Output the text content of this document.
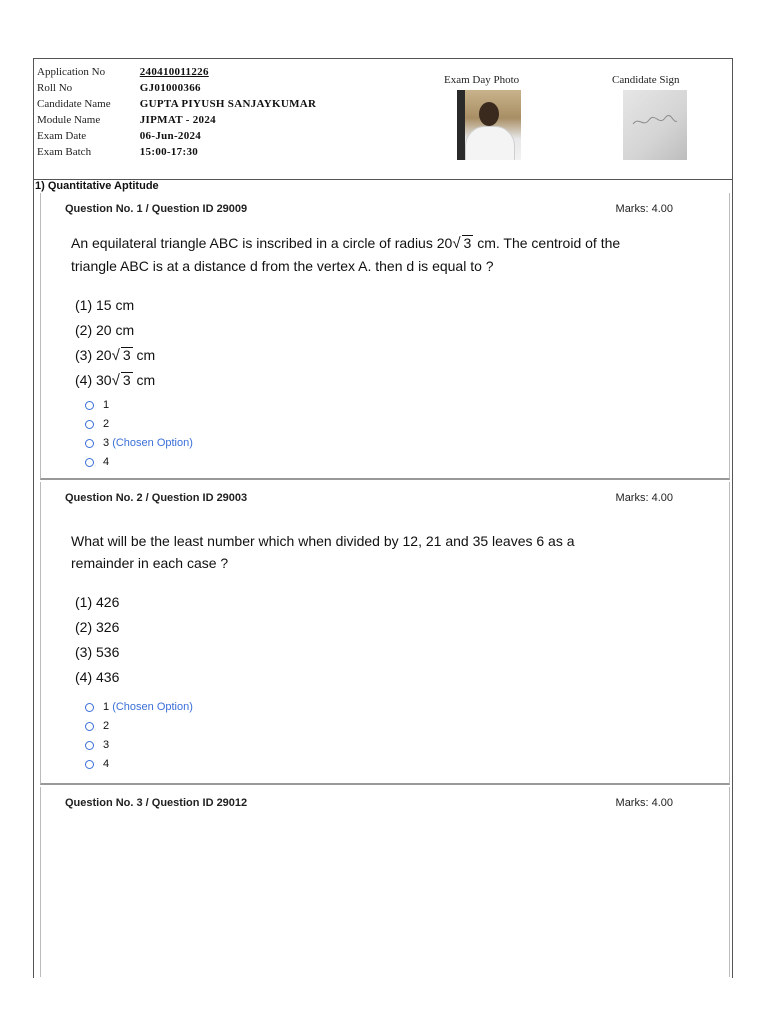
Application No	240410011226
Roll No	GJ01000366
Candidate Name	GUPTA PIYUSH SANJAYKUMAR
Module Name	JIPMAT - 2024
Exam Date	06-Jun-2024
Exam Batch	15:00-17:30
Exam Day Photo	Candidate Sign
1) Quantitative Aptitude
Question No. 1 / Question ID 29009	Marks: 4.00
An equilateral triangle ABC is inscribed in a circle of radius 20√ 3 cm. The centroid of the
triangle ABC is at a distance d from the vertex A. then d is equal to ?
(1) 15 cm
(2) 20 cm
(3) 20√ 3 cm
(4) 30√ 3 cm
1
2
3 (Chosen Option)
4
Question No. 2 / Question ID 29003	Marks: 4.00
What will be the least number which when divided by 12, 21 and 35 leaves 6 as a
remainder in each case ?
(1) 426
(2) 326
(3) 536
(4) 436
1 (Chosen Option)
2
3
4
Question No. 3 / Question ID 29012	Marks: 4.00
